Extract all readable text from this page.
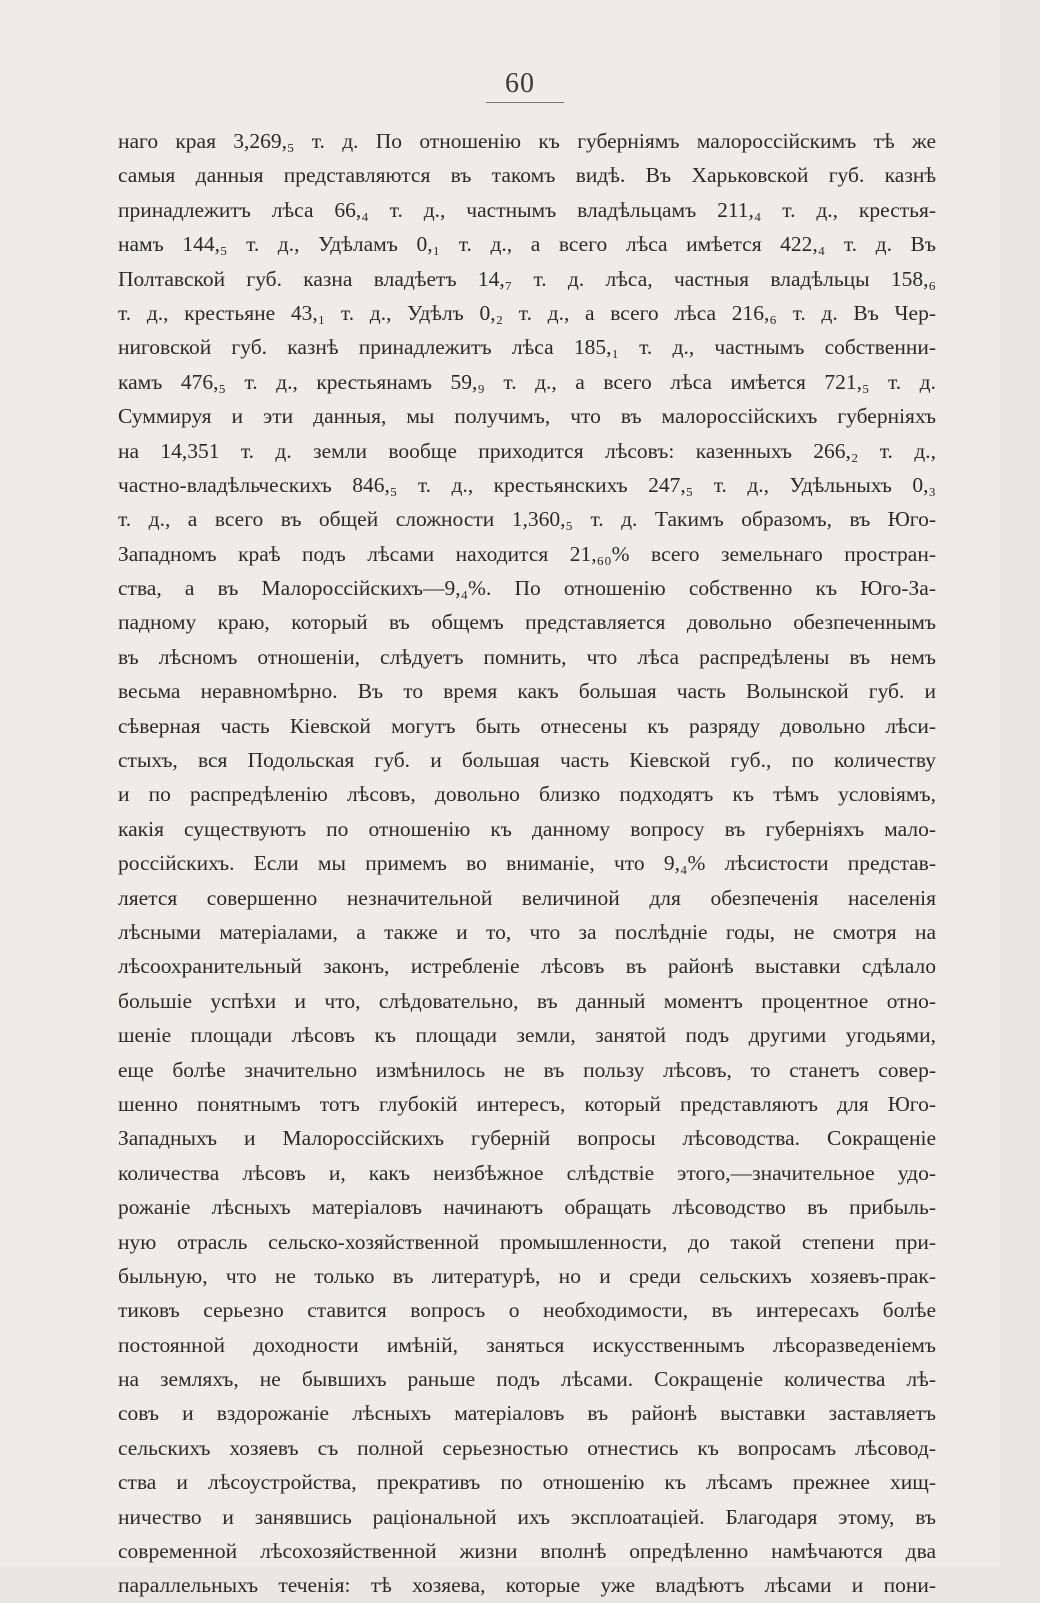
60
наго края 3,269,₅ т. д. По отношенію къ губерніямъ малороссійскимъ тѣ же
самыя данныя представляются въ такомъ видѣ. Въ Харьковской губ. казнѣ
принадлежитъ лѣса 66,₄ т. д., частнымъ владѣльцамъ 211,₄ т. д., крестья-
намъ 144,₅ т. д., Удѣламъ 0,₁ т. д., а всего лѣса имѣется 422,₄ т. д. Въ
Полтавской губ. казна владѣетъ 14,₇ т. д. лѣса, частныя владѣльцы 158,₆
т. д., крестьяне 43,₁ т. д., Удѣлъ 0,₂ т. д., а всего лѣса 216,₆ т. д. Въ Чер-
ниговской губ. казнѣ принадлежитъ лѣса 185,₁ т. д., частнымъ собственни-
камъ 476,₅ т. д., крестьянамъ 59,₉ т. д., а всего лѣса имѣется 721,₅ т. д.
Суммируя и эти данныя, мы получимъ, что въ малороссійскихъ губерніяхъ
на 14,351 т. д. земли вообще приходится лѣсовъ: казенныхъ 266,₂ т. д.,
частно-владѣльческихъ 846,₅ т. д., крестьянскихъ 247,₅ т. д., Удѣльныхъ 0,₃
т. д., а всего въ общей сложности 1,360,₅ т. д. Такимъ образомъ, въ Юго-
Западномъ краѣ подъ лѣсами находится 21,₆₀% всего земельнаго простран-
ства, а въ Малороссійскихъ—9,₄%. По отношенію собственно къ Юго-За-
падному краю, который въ общемъ представляется довольно обезпеченнымъ
въ лѣсномъ отношеніи, слѣдуетъ помнить, что лѣса распредѣлены въ немъ
весьма неравномѣрно. Въ то время какъ большая часть Волынской губ. и
сѣверная часть Кіевской могутъ быть отнесены къ разряду довольно лѣси-
стыхъ, вся Подольская губ. и большая часть Кіевской губ., по количеству
и по распредѣленію лѣсовъ, довольно близко подходятъ къ тѣмъ условіямъ,
какія существуютъ по отношенію къ данному вопросу въ губерніяхъ мало-
россійскихъ. Если мы примемъ во вниманіе, что 9,₄% лѣсистости предстaв-
ляется совершенно незначительной величиной для обезпеченія населенія
лѣсными матеріалами, а также и то, что за послѣдніе годы, не смотря на
лѣсоохранительный законъ, истребленіе лѣсовъ въ районѣ выставки сдѣлало
большіе успѣхи и что, слѣдовательно, въ данный моментъ процентное отно-
шеніе площади лѣсовъ къ площади земли, занятой подъ другими угодьями,
еще болѣе значительно измѣнилось не въ пользу лѣсовъ, то станетъ совер-
шенно понятнымъ тотъ глубокій интересъ, который представляютъ для Юго-
Западныхъ и Малороссійскихъ губерній вопросы лѣсоводства. Сокращеніе
количества лѣсовъ и, какъ неизбѣжное слѣдствіе этого,—значительное удо-
рожаніе лѣсныхъ матеріаловъ начинаютъ обращать лѣсоводство въ прибыль-
ную отрасль сельско-хозяйственной промышленности, до такой степени при-
быльную, что не только въ литературѣ, но и среди сельскихъ хозяевъ-прак-
тиковъ серьезно ставится вопросъ о необходимости, въ интересахъ болѣе
постоянной доходности имѣній, заняться искусственнымъ лѣсоразведеніемъ
на земляхъ, не бывшихъ раньше подъ лѣсами. Сокращеніе количества лѣ-
совъ и вздорожаніе лѣсныхъ матеріаловъ въ районѣ выставки заставляетъ
сельскихъ хозяевъ съ полной серьезностью отнестись къ вопросамъ лѣсовод-
ства и лѣсоустройства, прекративъ по отношенію къ лѣсамъ прежнее хищ-
ничество и занявшись раціональной ихъ эксплоатаціей. Благодаря этому, въ
современной лѣсохозяйственной жизни вполнѣ опредѣленно намѣчаются два
параллельныхъ теченія: тѣ хозяева, которые уже владѣютъ лѣсами и пони-
